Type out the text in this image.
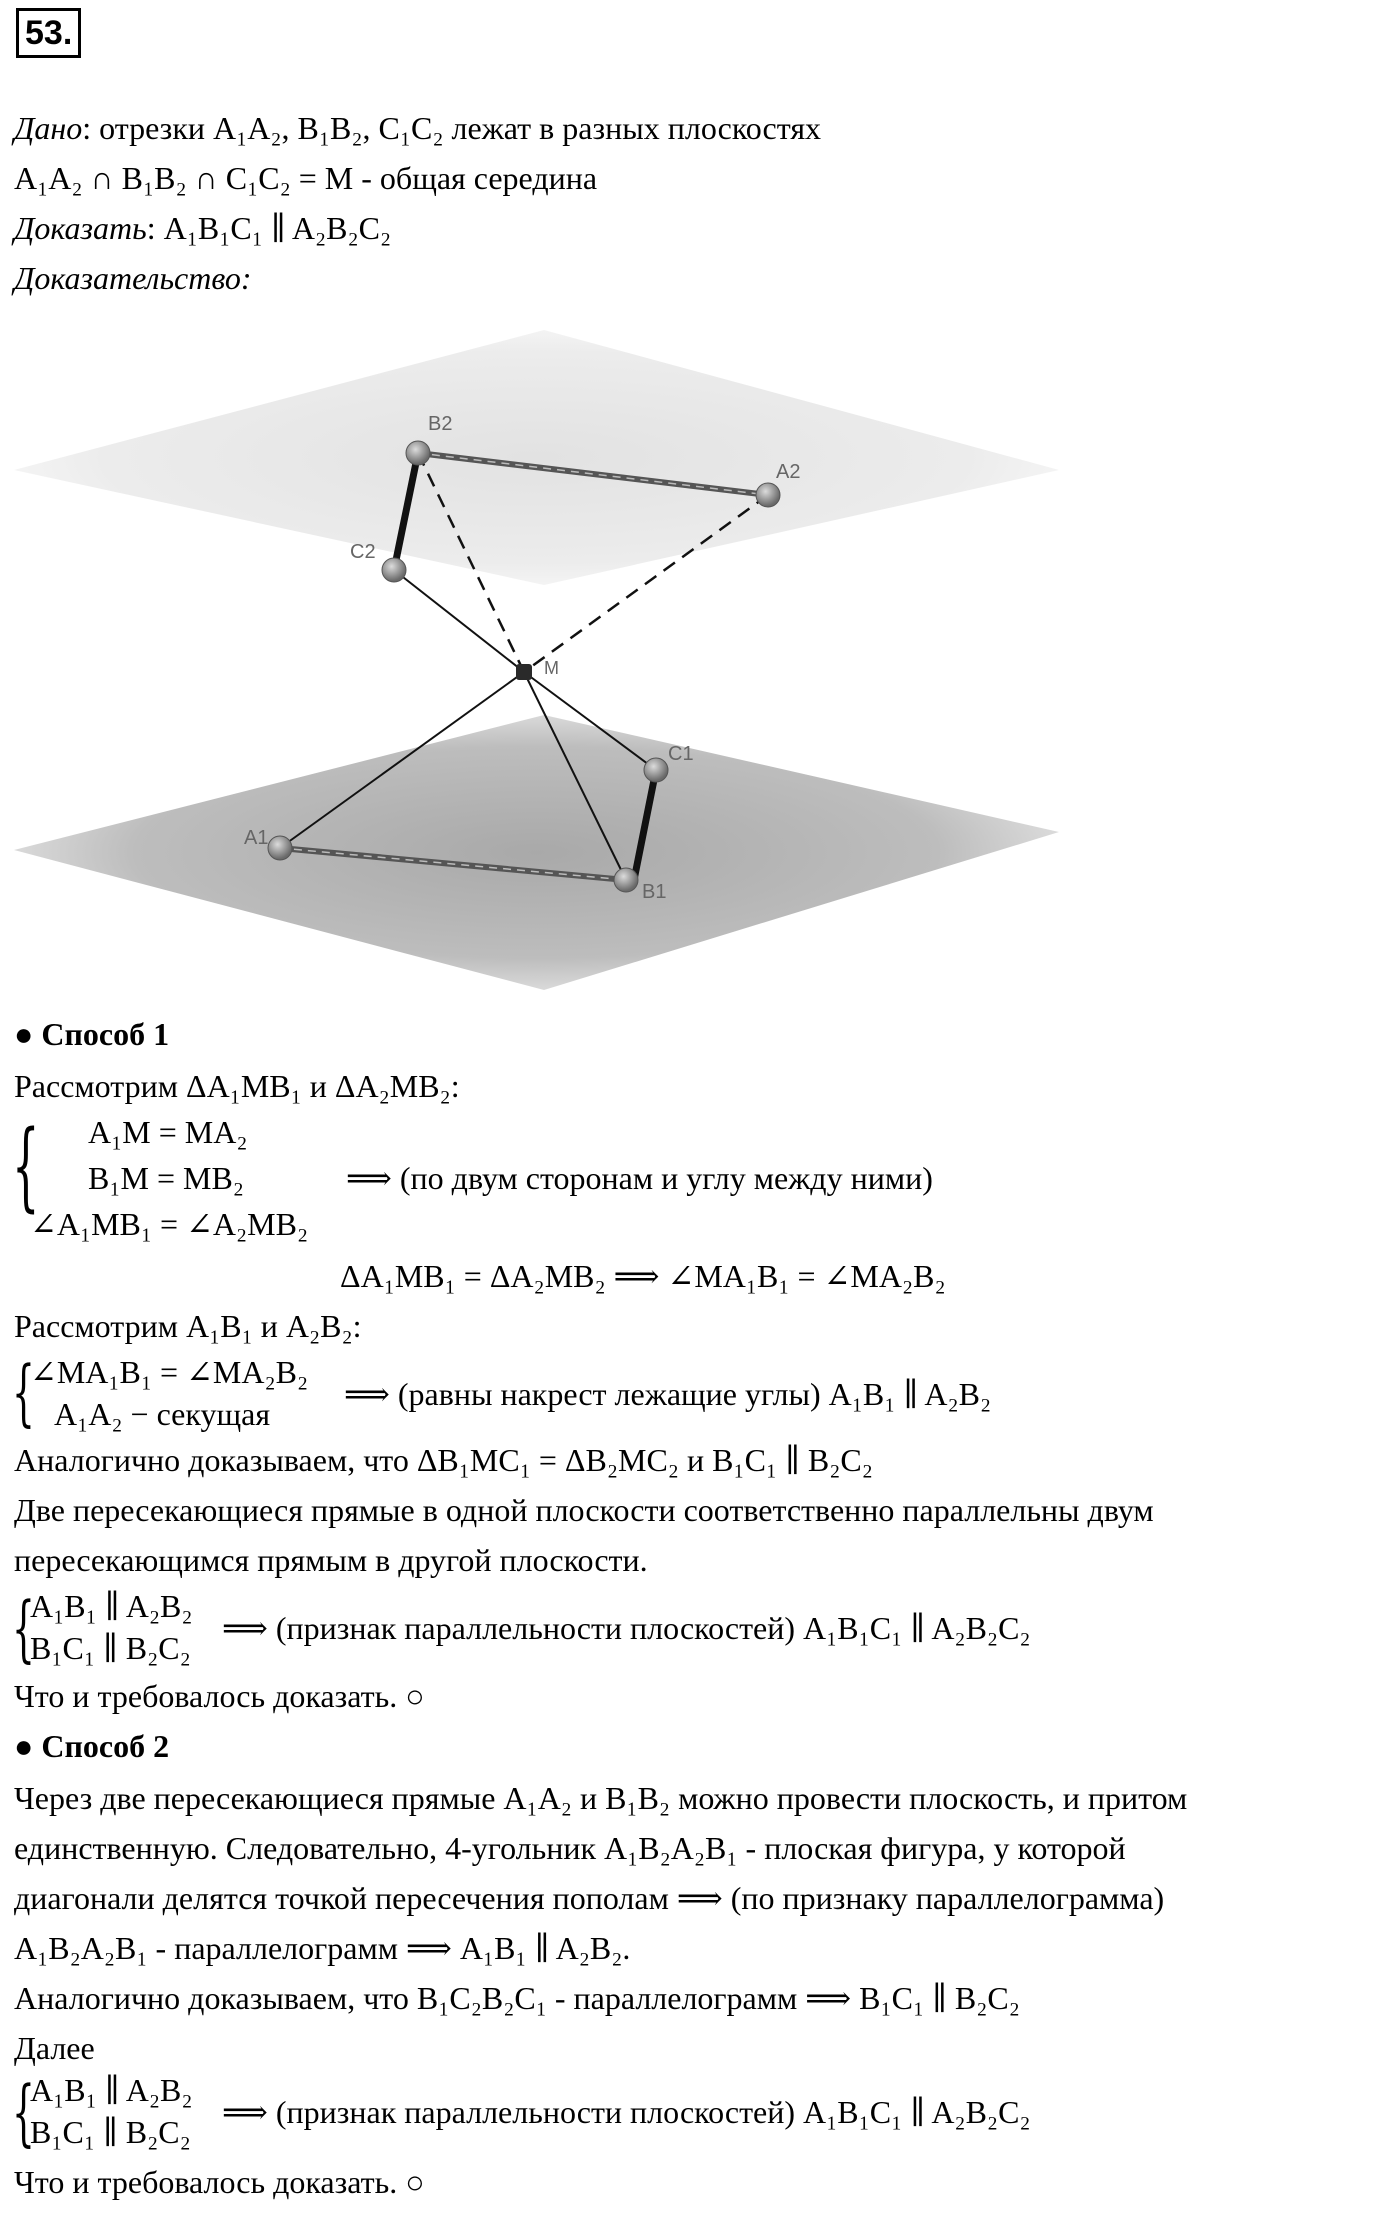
53.
Дано: отрезки A₁A₂, B₁B₂, C₁C₂ лежат в разных плоскостях
A₁A₂ ∩ B₁B₂ ∩ C₁C₂ = M - общая середина
Доказать: A₁B₁C₁ ∥ A₂B₂C₂
Доказательство:
B2
A2
C2
M
C1
A1
B1
● Способ 1
Рассмотрим ΔA₁MB₁ и ΔA₂MB₂:
{ A₁M = MA₂
B₁M = MB₂
∠A₁MB₁ = ∠A₂MB₂
⟹ (по двум сторонам и углу между ними)
ΔA₁MB₁ = ΔA₂MB₂ ⟹ ∠MA₁B₁ = ∠MA₂B₂
Рассмотрим A₁B₁ и A₂B₂:
{
∠MA₁B₁ = ∠MA₂B₂
A₁A₂ − секущая
⟹ (равны накрест лежащие углы) A₁B₁ ∥ A₂B₂
Аналогично доказываем, что ΔB₁MC₁ = ΔB₂MC₂ и B₁C₁ ∥ B₂C₂
Две пересекающиеся прямые в одной плоскости соответственно параллельны двум
пересекающимся прямым в другой плоскости.
{
A₁B₁ ∥ A₂B₂
B₁C₁ ∥ B₂C₂
⟹ (признак параллельности плоскостей) A₁B₁C₁ ∥ A₂B₂C₂
Что и требовалось доказать. ○
● Способ 2
Через две пересекающиеся прямые A₁A₂ и B₁B₂ можно провести плоскость, и притом
единственную. Следовательно, 4-угольник A₁B₂A₂B₁ - плоская фигура, у которой
диагонали делятся точкой пересечения пополам ⟹ (по признаку параллелограмма)
A₁B₂A₂B₁ - параллелограмм ⟹ A₁B₁ ∥ A₂B₂.
Аналогично доказываем, что B₁C₂B₂C₁ - параллелограмм ⟹ B₁C₁ ∥ B₂C₂
Далее
{
A₁B₁ ∥ A₂B₂
B₁C₁ ∥ B₂C₂
⟹ (признак параллельности плоскостей) A₁B₁C₁ ∥ A₂B₂C₂
Что и требовалось доказать. ○
